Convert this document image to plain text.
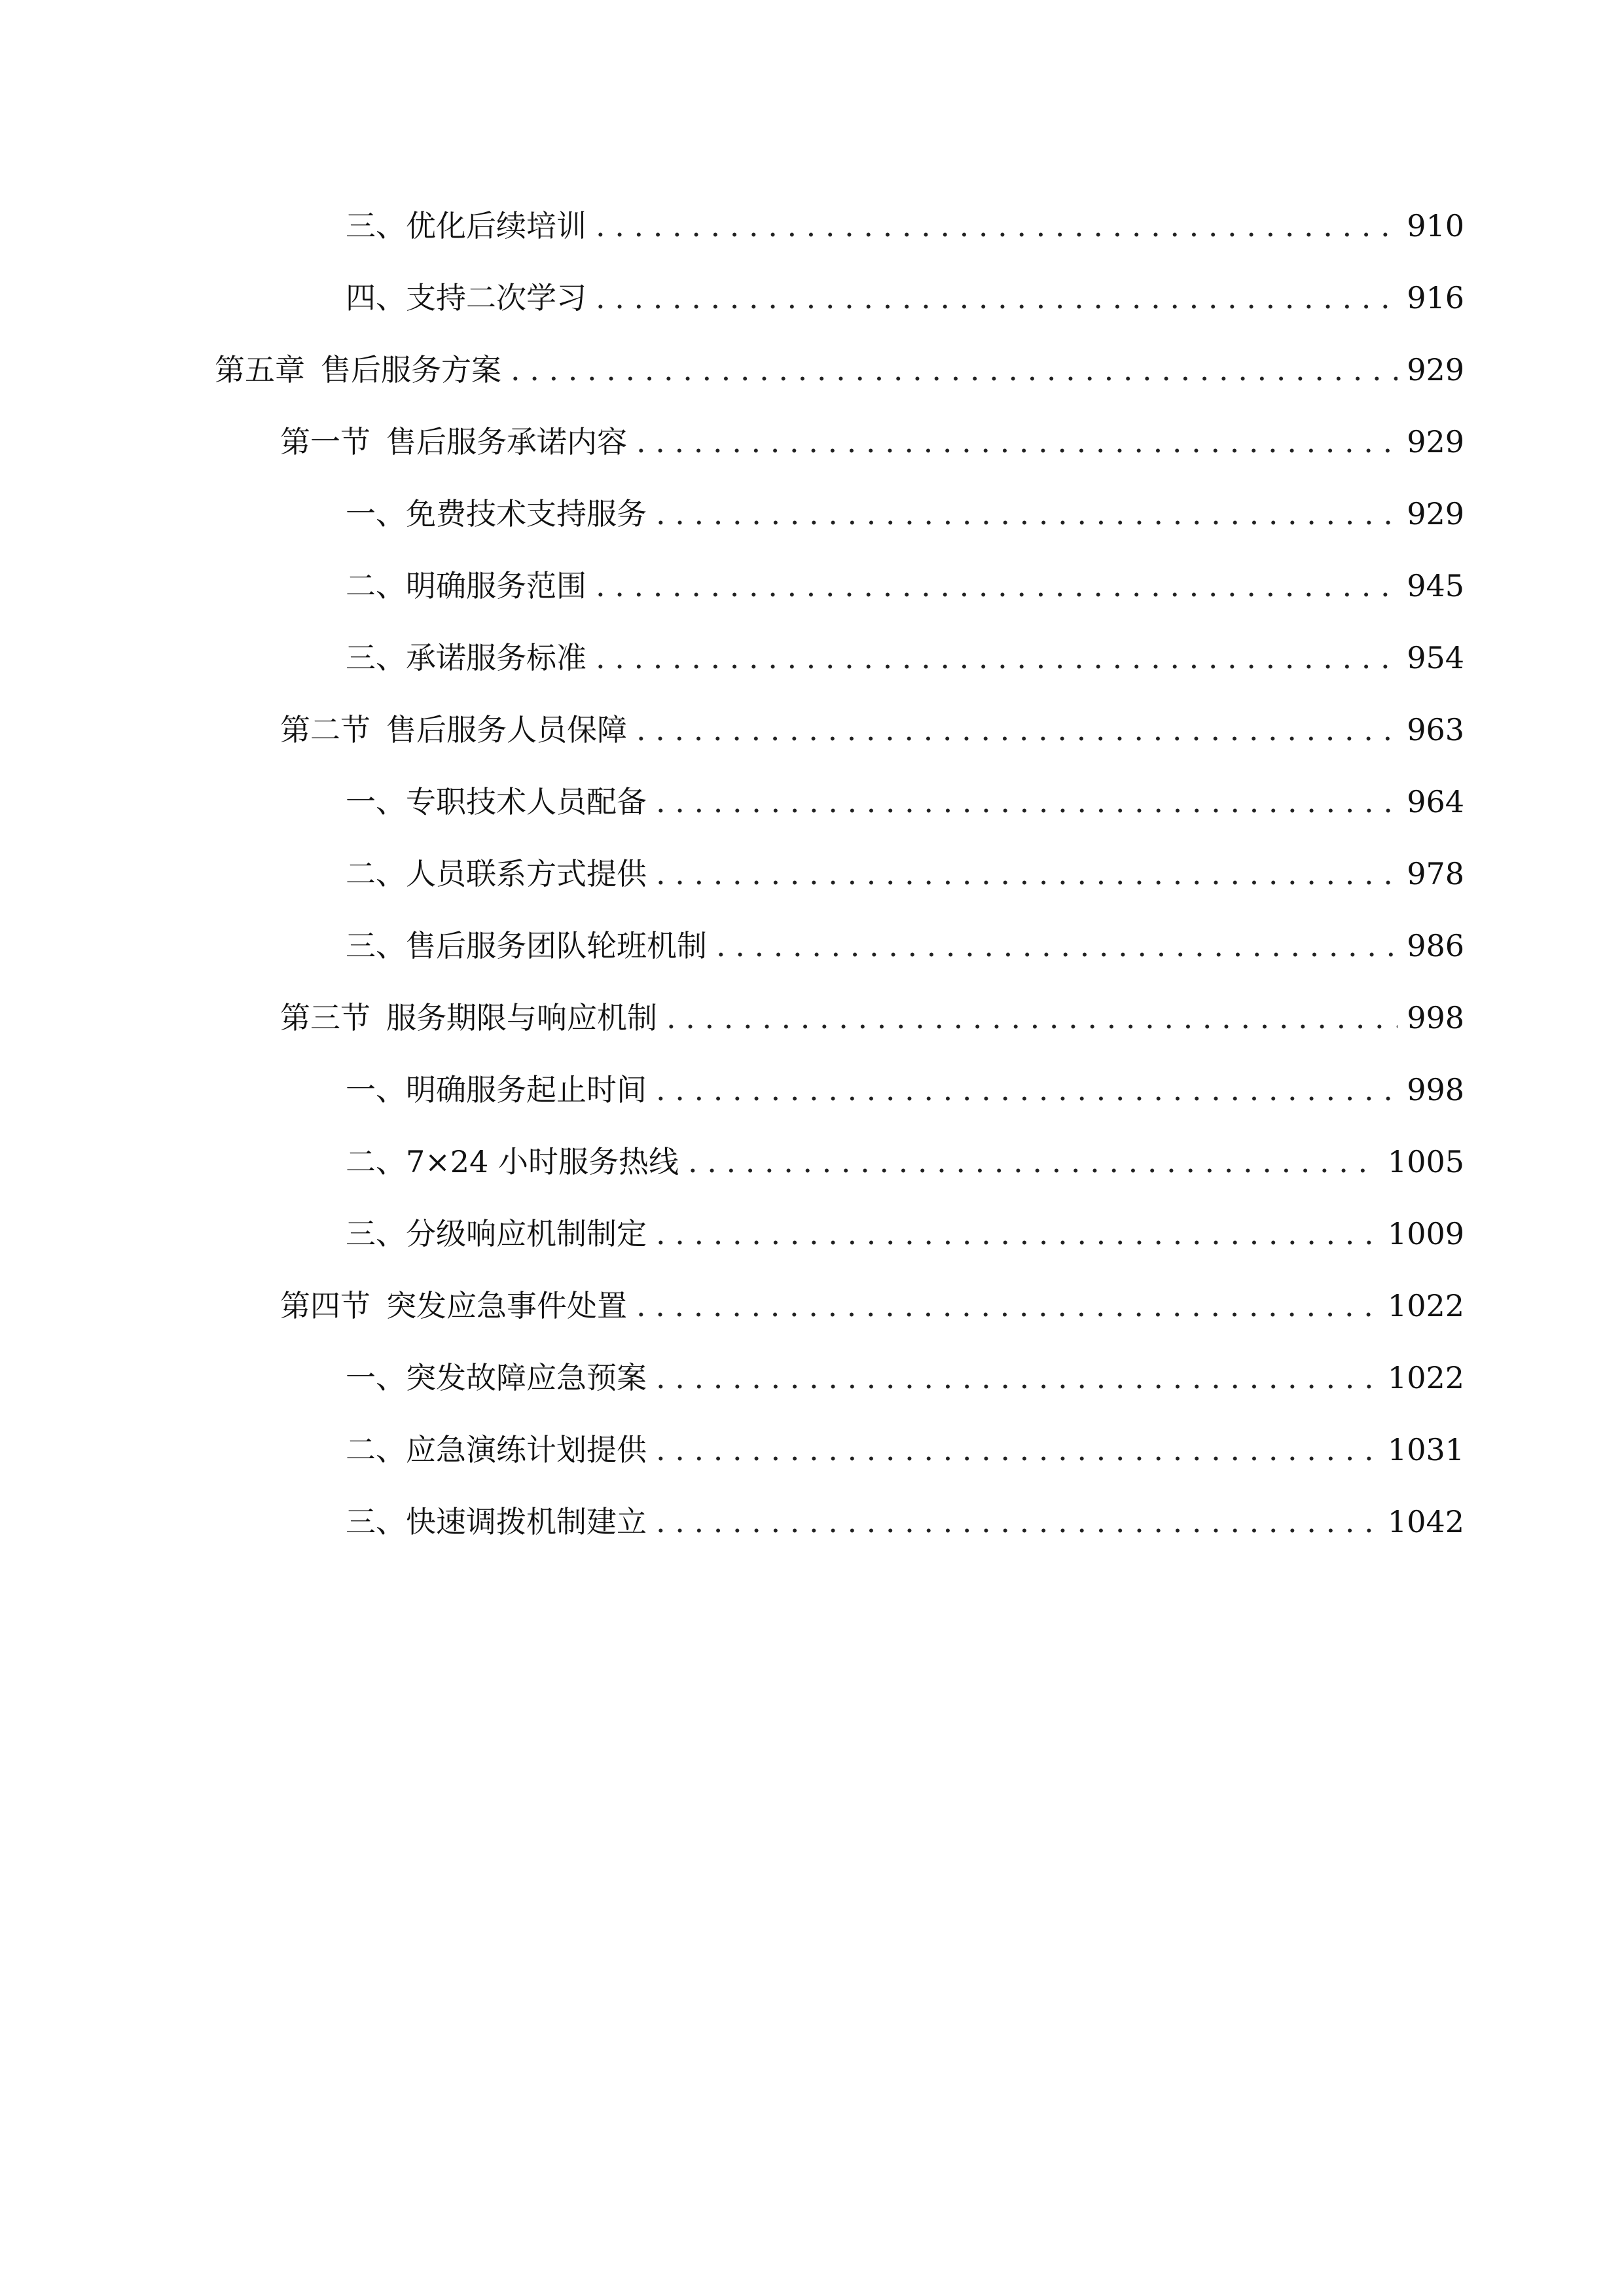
三、 优化后续培训 . . .	910
四、 支持二次学习 . . .	916
第五章 售后服务方案 . . .	929
第一节 售后服务承诺内容 . . .	929
一、 免费技术支持服务 . . .	929
二、 明确服务范围 . . .	945
三、 承诺服务标准 . . .	954
第二节 售后服务人员保障 . . .	963
一、 专职技术人员配备 . . .	964
二、 人员联系方式提供 . . .	978
三、 售后服务团队轮班机制 . . .	986
第三节 服务期限与响应机制 . . .	998
一、 明确服务起止时间 . . .	998
二、 7×24 小时服务热线 . . .	1005
三、 分级响应机制制定 . . .	1009
第四节 突发应急事件处置 . . .	1022
一、 突发故障应急预案 . . .	1022
二、 应急演练计划提供 . . .	1031
三、 快速调拨机制建立 . . .	1042
